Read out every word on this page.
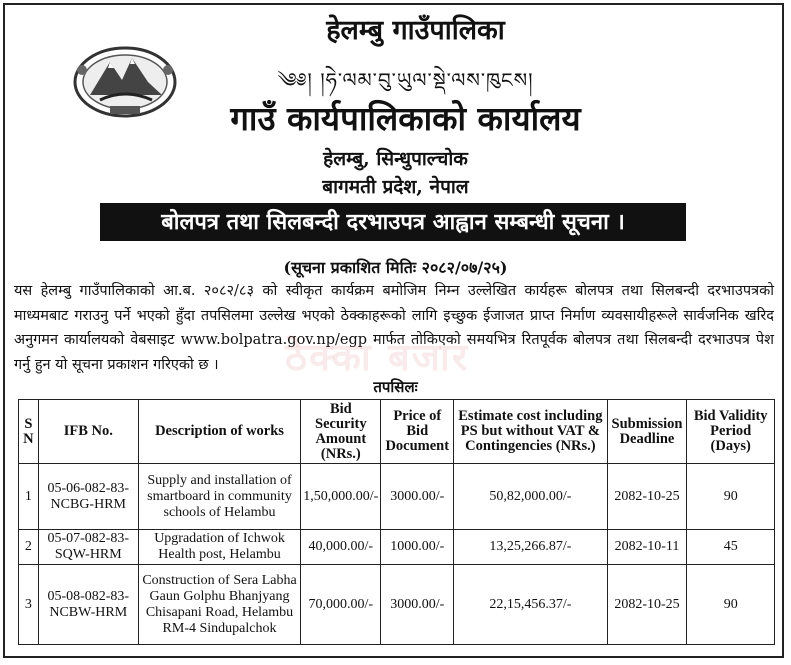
हेलम्बु गाउँपालिका
༄༅། །ཧེ་ལམ་བུ་ཡུལ་སྡེ་ལས་ཁུངས།
गाउँ कार्यपालिकाको कार्यालय
हेलम्बु, सिन्धुपाल्चोक
बागमती प्रदेश, नेपाल
बोलपत्र तथा सिलबन्दी दरभाउपत्र आह्वान सम्बन्धी सूचना ।
(सूचना प्रकाशित मितिः २०८२/०७/२५)
यस हेलम्बु गाउँपालिकाको आ.ब. २०८२/८३ को स्वीकृत कार्यक्रम बमोजिम निम्न उल्लेखित कार्यहरू बोलपत्र तथा सिलबन्दी दरभाउपत्रको माध्यमबाट गराउनु पर्ने भएको हुँदा तपसिलमा उल्लेख भएको ठेक्काहरूको लागि इच्छुक ईजाजत प्राप्त निर्माण व्यवसायीहरूले सार्वजनिक खरिद अनुगमन कार्यालयको वेबसाइट www.bolpatra.gov.np/egp मार्फत तोकिएको समयभित्र रितपूर्वक बोलपत्र तथा सिलबन्दी दरभाउपत्र पेश गर्नु हुन यो सूचना प्रकाशन गरिएको छ ।	ठेक्का बजार
तपसिलः
S N	IFB No.	Description of works	Bid Security Amount (NRs.)	Price of Bid Document	Estimate cost including PS but without VAT & Contingencies (NRs.)	Submission Deadline	Bid Validity Period (Days)
1	05-06-082-83-NCBG-HRM	Supply and installation of smartboard in community schools of Helambu	1,50,000.00/-	3000.00/-	50,82,000.00/-	2082-10-25	90
2	05-07-082-83-SQW-HRM	Upgradation of Ichwok Health post, Helambu	40,000.00/-	1000.00/-	13,25,266.87/-	2082-10-11	45
3	05-08-082-83-NCBW-HRM	Construction of Sera Labha Gaun Golphu Bhanjyang Chisapani Road, Helambu RM-4 Sindupalchok	70,000.00/-	3000.00/-	22,15,456.37/-	2082-10-25	90
